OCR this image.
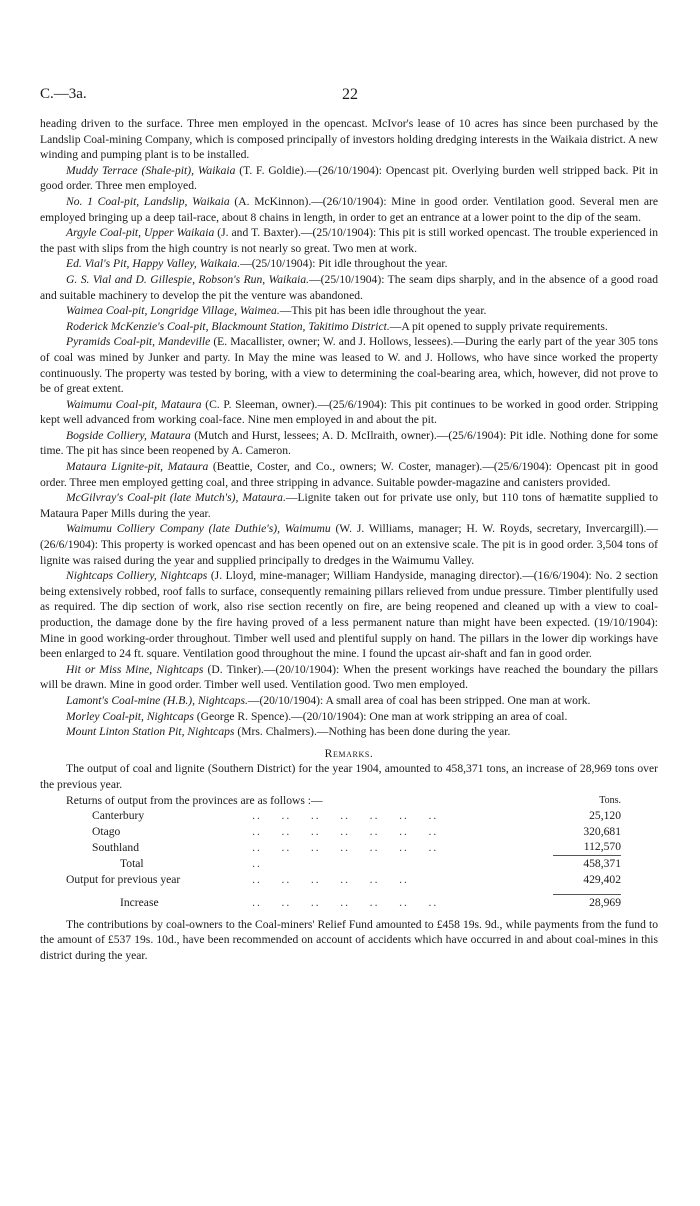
C.—3a.	22

heading driven to the surface. Three men employed in the opencast. McIvor's lease of 10 acres has since been purchased by the Landslip Coal-mining Company, which is composed principally of investors holding dredging interests in the Waikaia district. A new winding and pumping plant is to be installed.

Muddy Terrace (Shale-pit), Waikaia (T. F. Goldie).—(26/10/1904): Opencast pit. Overlying burden well stripped back. Pit in good order. Three men employed.

No. 1 Coal-pit, Landslip, Waikaia (A. McKinnon).—(26/10/1904): Mine in good order. Ventilation good. Several men are employed bringing up a deep tail-race, about 8 chains in length, in order to get an entrance at a lower point to the dip of the seam.

Argyle Coal-pit, Upper Waikaia (J. and T. Baxter).—(25/10/1904): This pit is still worked opencast. The trouble experienced in the past with slips from the high country is not nearly so great. Two men at work.

Ed. Vial's Pit, Happy Valley, Waikaia.—(25/10/1904): Pit idle throughout the year.

G. S. Vial and D. Gillespie, Robson's Run, Waikaia.—(25/10/1904): The seam dips sharply, and in the absence of a good road and suitable machinery to develop the pit the venture was abandoned.

Waimea Coal-pit, Longridge Village, Waimea.—This pit has been idle throughout the year.

Roderick McKenzie's Coal-pit, Blackmount Station, Takitimo District.—A pit opened to supply private requirements.

Pyramids Coal-pit, Mandeville (E. Macallister, owner; W. and J. Hollows, lessees).—During the early part of the year 305 tons of coal was mined by Junker and party. In May the mine was leased to W. and J. Hollows, who have since worked the property continuously. The property was tested by boring, with a view to determining the coal-bearing area, which, however, did not prove to be of great extent.

Waimumu Coal-pit, Mataura (C. P. Sleeman, owner).—(25/6/1904): This pit continues to be worked in good order. Stripping kept well advanced from working coal-face. Nine men employed in and about the pit.

Bogside Colliery, Mataura (Mutch and Hurst, lessees; A. D. McIlraith, owner).—(25/6/1904): Pit idle. Nothing done for some time. The pit has since been reopened by A. Cameron.

Mataura Lignite-pit, Mataura (Beattie, Coster, and Co., owners; W. Coster, manager).—(25/6/1904): Opencast pit in good order. Three men employed getting coal, and three stripping in advance. Suitable powder-magazine and canisters provided.

McGilvray's Coal-pit (late Mutch's), Mataura.—Lignite taken out for private use only, but 110 tons of hæmatite supplied to Mataura Paper Mills during the year.

Waimumu Colliery Company (late Duthie's), Waimumu (W. J. Williams, manager; H. W. Royds, secretary, Invercargill).—(26/6/1904): This property is worked opencast and has been opened out on an extensive scale. The pit is in good order. 3,504 tons of lignite was raised during the year and supplied principally to dredges in the Waimumu Valley.

Nightcaps Colliery, Nightcaps (J. Lloyd, mine-manager; William Handyside, managing director).—(16/6/1904): No. 2 section being extensively robbed, roof falls to surface, consequently remaining pillars relieved from undue pressure. Timber plentifully used as required. The dip section of work, also rise section recently on fire, are being reopened and cleaned up with a view to coal-production, the damage done by the fire having proved of a less permanent nature than might have been expected. (19/10/1904): Mine in good working-order throughout. Timber well used and plentiful supply on hand. The pillars in the lower dip workings have been enlarged to 24 ft. square. Ventilation good throughout the mine. I found the upcast air-shaft and fan in good order.

Hit or Miss Mine, Nightcaps (D. Tinker).—(20/10/1904): When the present workings have reached the boundary the pillars will be drawn. Mine in good order. Timber well used. Ventilation good. Two men employed.

Lamont's Coal-mine (H.B.), Nightcaps.—(20/10/1904): A small area of coal has been stripped. One man at work.

Morley Coal-pit, Nightcaps (George R. Spence).—(20/10/1904): One man at work stripping an area of coal.

Mount Linton Station Pit, Nightcaps (Mrs. Chalmers).—Nothing has been done during the year.

Remarks.

The output of coal and lignite (Southern District) for the year 1904, amounted to 458,371 tons, an increase of 28,969 tons over the previous year.

Returns of output from the provinces are as follows :—		Tons.
Canterbury	..    ..    ..    ..    ..    ..    ..	25,120
Otago	..    ..    ..    ..    ..    ..    ..	320,681
Southland	..    ..    ..    ..    ..    ..    ..	112,570
Total	..	458,371
Output for previous year	..    ..    ..    ..    ..    ..	429,402

Increase	..    ..    ..    ..    ..    ..    ..	28,969

The contributions by coal-owners to the Coal-miners' Relief Fund amounted to £458 19s. 9d., while payments from the fund to the amount of £537 19s. 10d., have been recommended on account of accidents which have occurred in and about coal-mines in this district during the year.
